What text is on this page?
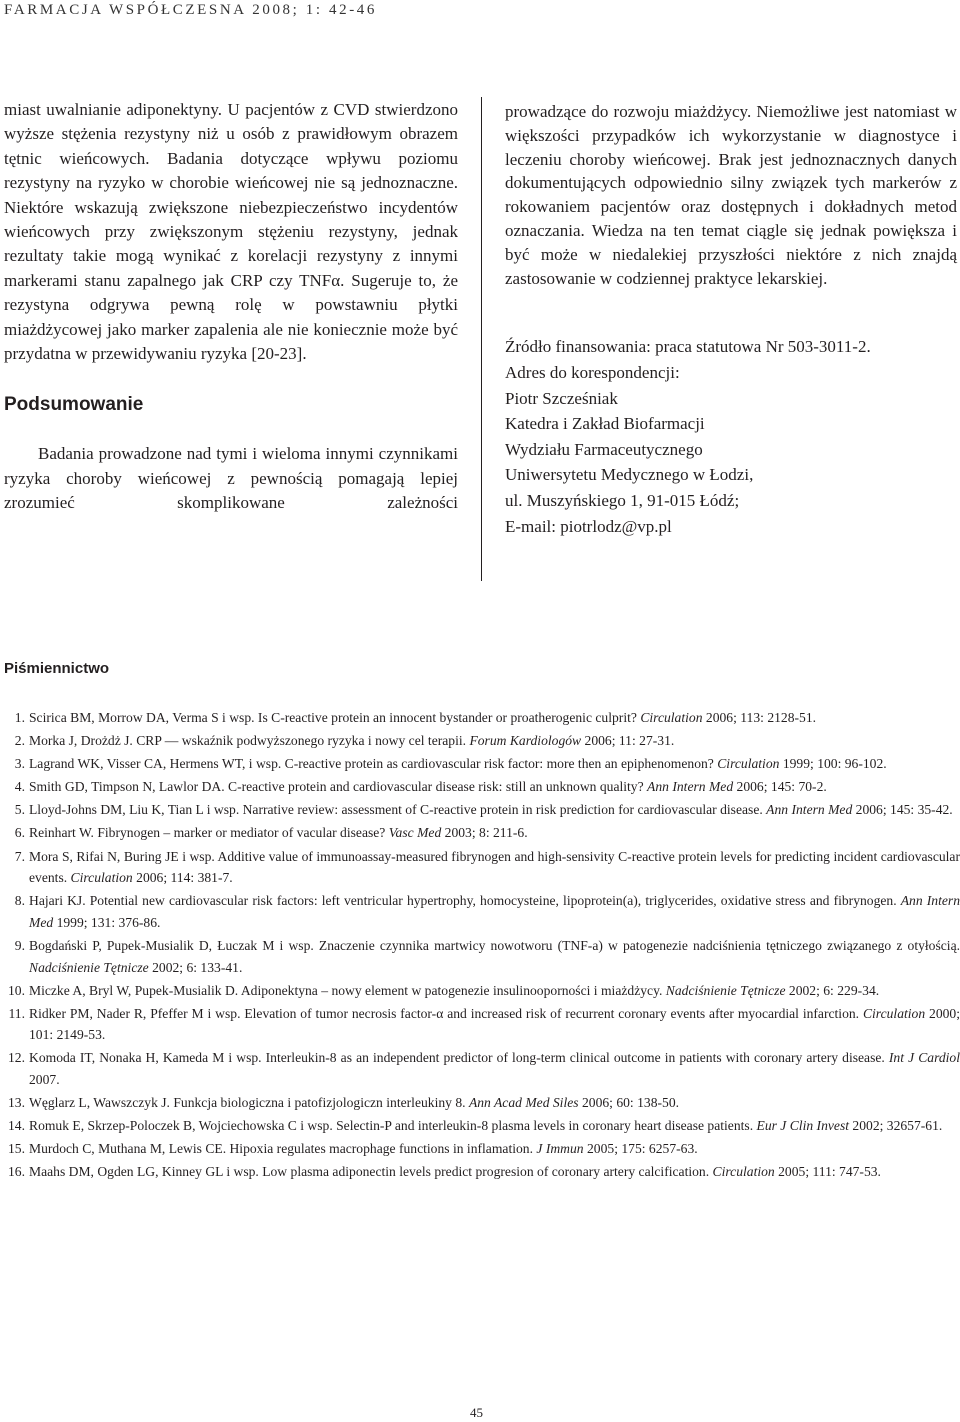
FARMACJA WSPÓŁCZESNA 2008; 1: 42-46

miast uwalnianie adiponektyny. U pacjentów z CVD stwierdzono wyższe stężenia rezystyny niż u osób z prawidłowym obrazem tętnic wieńcowych. Badania dotyczące wpływu poziomu rezystyny na ryzyko w chorobie wieńcowej nie są jednoznaczne. Niektóre wskazują zwiększone niebezpieczeństwo incydentów wieńcowych przy zwiększonym stężeniu rezystyny, jednak rezultaty takie mogą wynikać z korelacji rezystyny z innymi markerami stanu zapalnego jak CRP czy TNFα. Sugeruje to, że rezystyna odgrywa pewną rolę w powstawniu płytki miażdżycowej jako marker zapalenia ale nie koniecznie może być przydatna w przewidywaniu ryzyka [20-23].

Podsumowanie

Badania prowadzone nad tymi i wieloma innymi czynnikami ryzyka choroby wieńcowej z pewnością pomagają lepiej zrozumieć skomplikowane zależności

prowadzące do rozwoju miażdżycy. Niemożliwe jest natomiast w większości przypadków ich wykorzystanie w diagnostyce i leczeniu choroby wieńcowej. Brak jest jednoznacznych danych dokumentujących odpowiednio silny związek tych markerów z rokowaniem pacjentów oraz dostępnych i dokładnych metod oznaczania. Wiedza na ten temat ciągle się jednak powiększa i być może w niedalekiej przyszłości niektóre z nich znajdą zastosowanie w codziennej praktyce lekarskiej.

Źródło finansowania: praca statutowa Nr 503-3011-2.
Adres do korespondencji:
Piotr Szcześniak
Katedra i Zakład Biofarmacji
Wydziału Farmaceutycznego
Uniwersytetu Medycznego w Łodzi,
ul. Muszyńskiego 1, 91-015 Łódź;
E-mail: piotrlodz@vp.pl
Piśmiennictwo
1. Scirica BM, Morrow DA, Verma S i wsp. Is C-reactive protein an innocent bystander or proatherogenic culprit? Circulation 2006; 113: 2128-51.
2. Morka J, Drożdż J. CRP — wskaźnik podwyższonego ryzyka i nowy cel terapii. Forum Kardiologów 2006; 11: 27-31.
3. Lagrand WK, Visser CA, Hermens WT, i wsp. C-reactive protein as cardiovascular risk factor: more then an epiphenomenon? Circulation 1999; 100: 96-102.
4. Smith GD, Timpson N, Lawlor DA. C-reactive protein and cardiovascular disease risk: still an unknown quality? Ann Intern Med 2006; 145: 70-2.
5. Lloyd-Johns DM, Liu K, Tian L i wsp. Narrative review: assessment of C-reactive protein in risk prediction for cardiovascular disease. Ann Intern Med 2006; 145: 35-42.
6. Reinhart W. Fibrynogen – marker or mediator of vacular disease? Vasc Med 2003; 8: 211-6.
7. Mora S, Rifai N, Buring JE i wsp. Additive value of immunoassay-measured fibrynogen and high-sensivity C-reactive protein levels for predicting incident cardiovascular events. Circulation 2006; 114: 381-7.
8. Hajari KJ. Potential new cardiovascular risk factors: left ventricular hypertrophy, homocysteine, lipoprotein(a), triglycerides, oxidative stress and fibrynogen. Ann Intern Med 1999; 131: 376-86.
9. Bogdański P, Pupek-Musialik D, Łuczak M i wsp. Znaczenie czynnika martwicy nowotworu (TNF-a) w patogenezie nadciśnienia tętniczego związanego z otyłością. Nadciśnienie Tętnicze 2002; 6: 133-41.
10. Miczke A, Bryl W, Pupek-Musialik D. Adiponektyna – nowy element w patogenezie insulinooporności i miażdżycy. Nadciśnienie Tętnicze 2002; 6: 229-34.
11. Ridker PM, Nader R, Pfeffer M i wsp. Elevation of tumor necrosis factor-α and increased risk of recurrent coronary events after myocardial infarction. Circulation 2000; 101: 2149-53.
12. Komoda IT, Nonaka H, Kameda M i wsp. Interleukin-8 as an independent predictor of long-term clinical outcome in patients with coronary artery disease. Int J Cardiol 2007.
13. Węglarz L, Wawszczyk J. Funkcja biologiczna i patofizjologiczn interleukiny 8. Ann Acad Med Siles 2006; 60: 138-50.
14. Romuk E, Skrzep-Poloczek B, Wojciechowska C i wsp. Selectin-P and interleukin-8 plasma levels in coronary heart disease patients. Eur J Clin Invest 2002; 32657-61.
15. Murdoch C, Muthana M, Lewis CE. Hipoxia regulates macrophage functions in inflamation. J Immun 2005; 175: 6257-63.
16. Maahs DM, Ogden LG, Kinney GL i wsp. Low plasma adiponectin levels predict progresion of coronary artery calcification. Circulation 2005; 111: 747-53.
45
